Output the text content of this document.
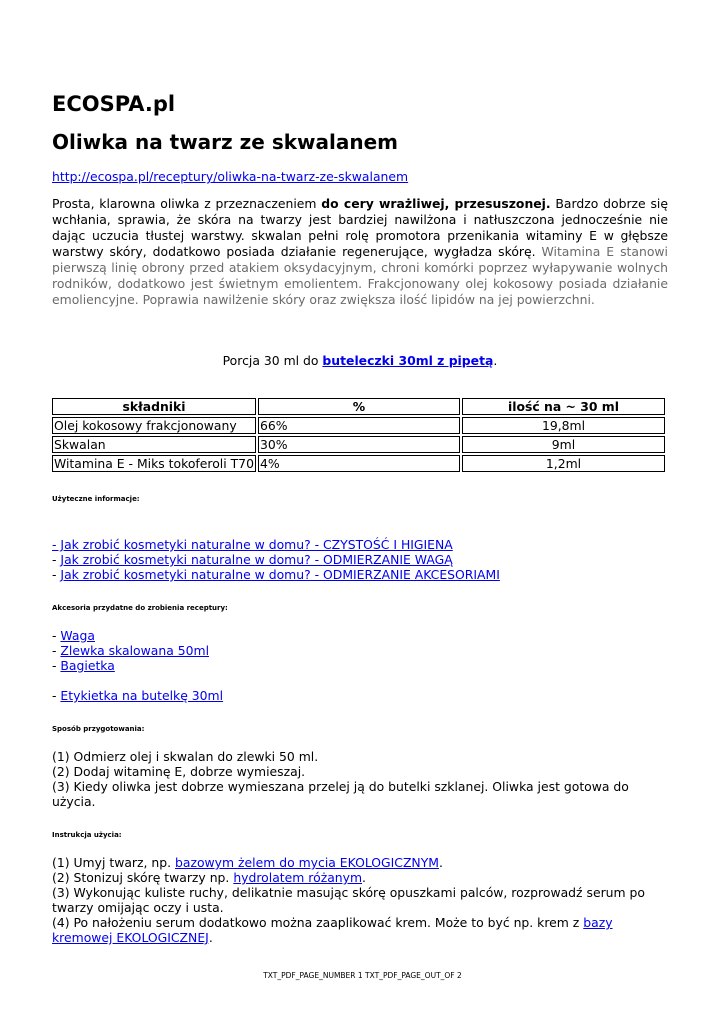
ECOSPA.pl
Oliwka na twarz ze skwalanem
http://ecospa.pl/receptury/oliwka-na-twarz-ze-skwalanem
Prosta, klarowna oliwka z przeznaczeniem do cery wrażliwej, przesuszonej. Bardzo dobrze się wchłania, sprawia, że skóra na twarzy jest bardziej nawilżona i natłuszczona jednocześnie nie dając uczucia tłustej warstwy. skwalan pełni rolę promotora przenikania witaminy E w głębsze warstwy skóry, dodatkowo posiada działanie regenerujące, wygładza skórę. Witamina E stanowi pierwszą linię obrony przed atakiem oksydacyjnym, chroni komórki poprzez wyłapywanie wolnych rodników, dodatkowo jest świetnym emolientem. Frakcjonowany olej kokosowy posiada działanie emoliencyjne. Poprawia nawilżenie skóry oraz zwiększa ilość lipidów na jej powierzchni.
Porcja 30 ml do buteleczki 30ml z pipetą.
składniki	%	ilość na ~ 30 ml
Olej kokosowy frakcjonowany	66%	19,8ml
Skwalan	30%	9ml
Witamina E - Miks tokoferoli T70	4%	1,2ml

Użyteczne informacje:

- Jak zrobić kosmetyki naturalne w domu? - CZYSTOŚĆ I HIGIENA
- Jak zrobić kosmetyki naturalne w domu? - ODMIERZANIE WAGĄ
- Jak zrobić kosmetyki naturalne w domu? - ODMIERZANIE AKCESORIAMI

Akcesoria przydatne do zrobienia receptury:

- Waga
- Zlewka skalowana 50ml
- Bagietka
- Etykietka na butelkę 30ml

Sposób przygotowania:

(1) Odmierz olej i skwalan do zlewki 50 ml.
(2) Dodaj witaminę E, dobrze wymieszaj.
(3) Kiedy oliwka jest dobrze wymieszana przelej ją do butelki szklanej. Oliwka jest gotowa do użycia.

Instrukcja użycia:

(1) Umyj twarz, np. bazowym żelem do mycia EKOLOGICZNYM.
(2) Stonizuj skórę twarzy np. hydrolatem różanym.
(3) Wykonując kuliste ruchy, delikatnie masując skórę opuszkami palców, rozprowadź serum po twarzy omijając oczy i usta.
(4) Po nałożeniu serum dodatkowo można zaaplikować krem. Może to być np. krem z bazy kremowej EKOLOGICZNEJ.
TXT_PDF_PAGE_NUMBER 1 TXT_PDF_PAGE_OUT_OF 2
